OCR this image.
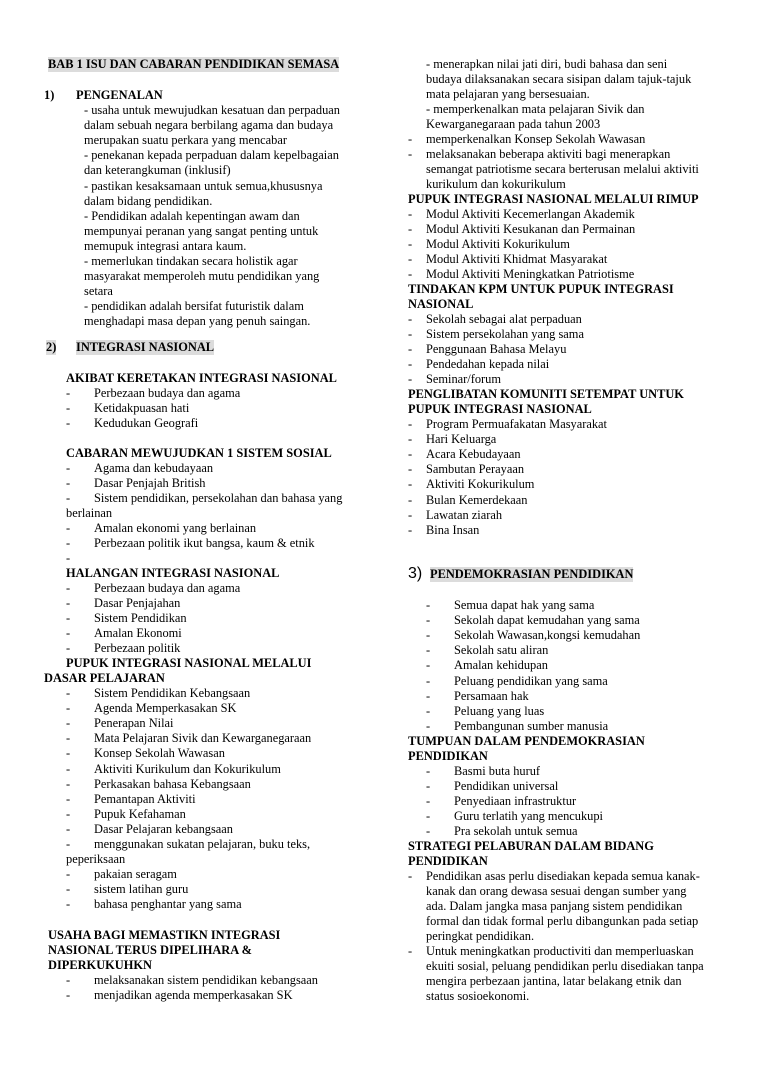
BAB 1 ISU DAN CABARAN PENDIDIKAN SEMASA
1) PENGENALAN
- usaha untuk mewujudkan kesatuan dan perpaduan
dalam sebuah negara berbilang agama dan budaya
merupakan suatu perkara yang mencabar
- penekanan kepada perpaduan dalam kepelbagaian
dan keterangkuman (inklusif)
- pastikan kesaksamaan untuk semua,khususnya
dalam bidang pendidikan.
- Pendidikan adalah kepentingan awam dan
mempunyai peranan yang sangat penting untuk
memupuk integrasi antara kaum.
- memerlukan tindakan secara holistik agar
masyarakat memperoleh mutu pendidikan yang
setara
- pendidikan adalah bersifat futuristik dalam
menghadapi masa depan yang penuh saingan.
2) INTEGRASI NASIONAL
AKIBAT KERETAKAN INTEGRASI NASIONAL
- Perbezaan budaya dan agama
- Ketidakpuasan hati
- Kedudukan Geografi
CABARAN MEWUJUDKAN 1 SISTEM SOSIAL
- Agama dan kebudayaan
- Dasar Penjajah British
- Sistem pendidikan, persekolahan dan bahasa yang
berlainan
- Amalan ekonomi yang berlainan
- Perbezaan politik ikut bangsa, kaum & etnik
-
HALANGAN INTEGRASI NASIONAL
- Perbezaan budaya dan agama
- Dasar Penjajahan
- Sistem Pendidikan
- Amalan Ekonomi
- Perbezaan politik
PUPUK INTEGRASI NASIONAL MELALUI
DASAR PELAJARAN
- Sistem Pendidikan Kebangsaan
- Agenda Memperkasakan SK
- Penerapan Nilai
- Mata Pelajaran Sivik dan Kewarganegaraan
- Konsep Sekolah Wawasan
- Aktiviti Kurikulum dan Kokurikulum
- Perkasakan bahasa Kebangsaan
- Pemantapan Aktiviti
- Pupuk Kefahaman
- Dasar Pelajaran kebangsaan
- menggunakan sukatan pelajaran, buku teks,
peperiksaan
- pakaian seragam
- sistem latihan guru
- bahasa penghantar yang sama
USAHA BAGI MEMASTIKN INTEGRASI
NASIONAL TERUS DIPELIHARA &
DIPERKUKUHKN
- melaksanakan sistem pendidikan kebangsaan
- menjadikan agenda memperkasakan SK
- menerapkan nilai jati diri, budi bahasa dan seni
budaya dilaksanakan secara sisipan dalam tajuk-tajuk
mata pelajaran yang bersesuaian.
- memperkenalkan mata pelajaran Sivik dan
Kewarganegaraan pada tahun 2003
- memperkenalkan Konsep Sekolah Wawasan
- melaksanakan beberapa aktiviti bagi menerapkan
semangat patriotisme secara berterusan melalui aktiviti
kurikulum dan kokurikulum
PUPUK INTEGRASI NASIONAL MELALUI RIMUP
- Modul Aktiviti Kecemerlangan Akademik
- Modul Aktiviti Kesukanan dan Permainan
- Modul Aktiviti Kokurikulum
- Modul Aktiviti Khidmat Masyarakat
- Modul Aktiviti Meningkatkan Patriotisme
TINDAKAN KPM UNTUK PUPUK INTEGRASI
NASIONAL
- Sekolah sebagai alat perpaduan
- Sistem persekolahan yang sama
- Penggunaan Bahasa Melayu
- Pendedahan kepada nilai
- Seminar/forum
PENGLIBATAN KOMUNITI SETEMPAT UNTUK
PUPUK INTEGRASI NASIONAL
- Program Permuafakatan Masyarakat
- Hari Keluarga
- Acara Kebudayaan
- Sambutan Perayaan
- Aktiviti Kokurikulum
- Bulan Kemerdekaan
- Lawatan ziarah
- Bina Insan
3) PENDEMOKRASIAN PENDIDIKAN
- Semua dapat hak yang sama
- Sekolah dapat kemudahan yang sama
- Sekolah Wawasan,kongsi kemudahan
- Sekolah satu aliran
- Amalan kehidupan
- Peluang pendidikan yang sama
- Persamaan hak
- Peluang yang luas
- Pembangunan sumber manusia
TUMPUAN DALAM PENDEMOKRASIAN
PENDIDIKAN
- Basmi buta huruf
- Pendidikan universal
- Penyediaan infrastruktur
- Guru terlatih yang mencukupi
- Pra sekolah untuk semua
STRATEGI PELABURAN DALAM BIDANG
PENDIDIKAN
- Pendidikan asas perlu disediakan kepada semua kanak-
kanak dan orang dewasa sesuai dengan sumber yang
ada. Dalam jangka masa panjang sistem pendidikan
formal dan tidak formal perlu dibangunkan pada setiap
peringkat pendidikan.
- Untuk meningkatkan productiviti dan memperluaskan
ekuiti sosial, peluang pendidikan perlu disediakan tanpa
mengira perbezaan jantina, latar belakang etnik dan
status sosioekonomi.
